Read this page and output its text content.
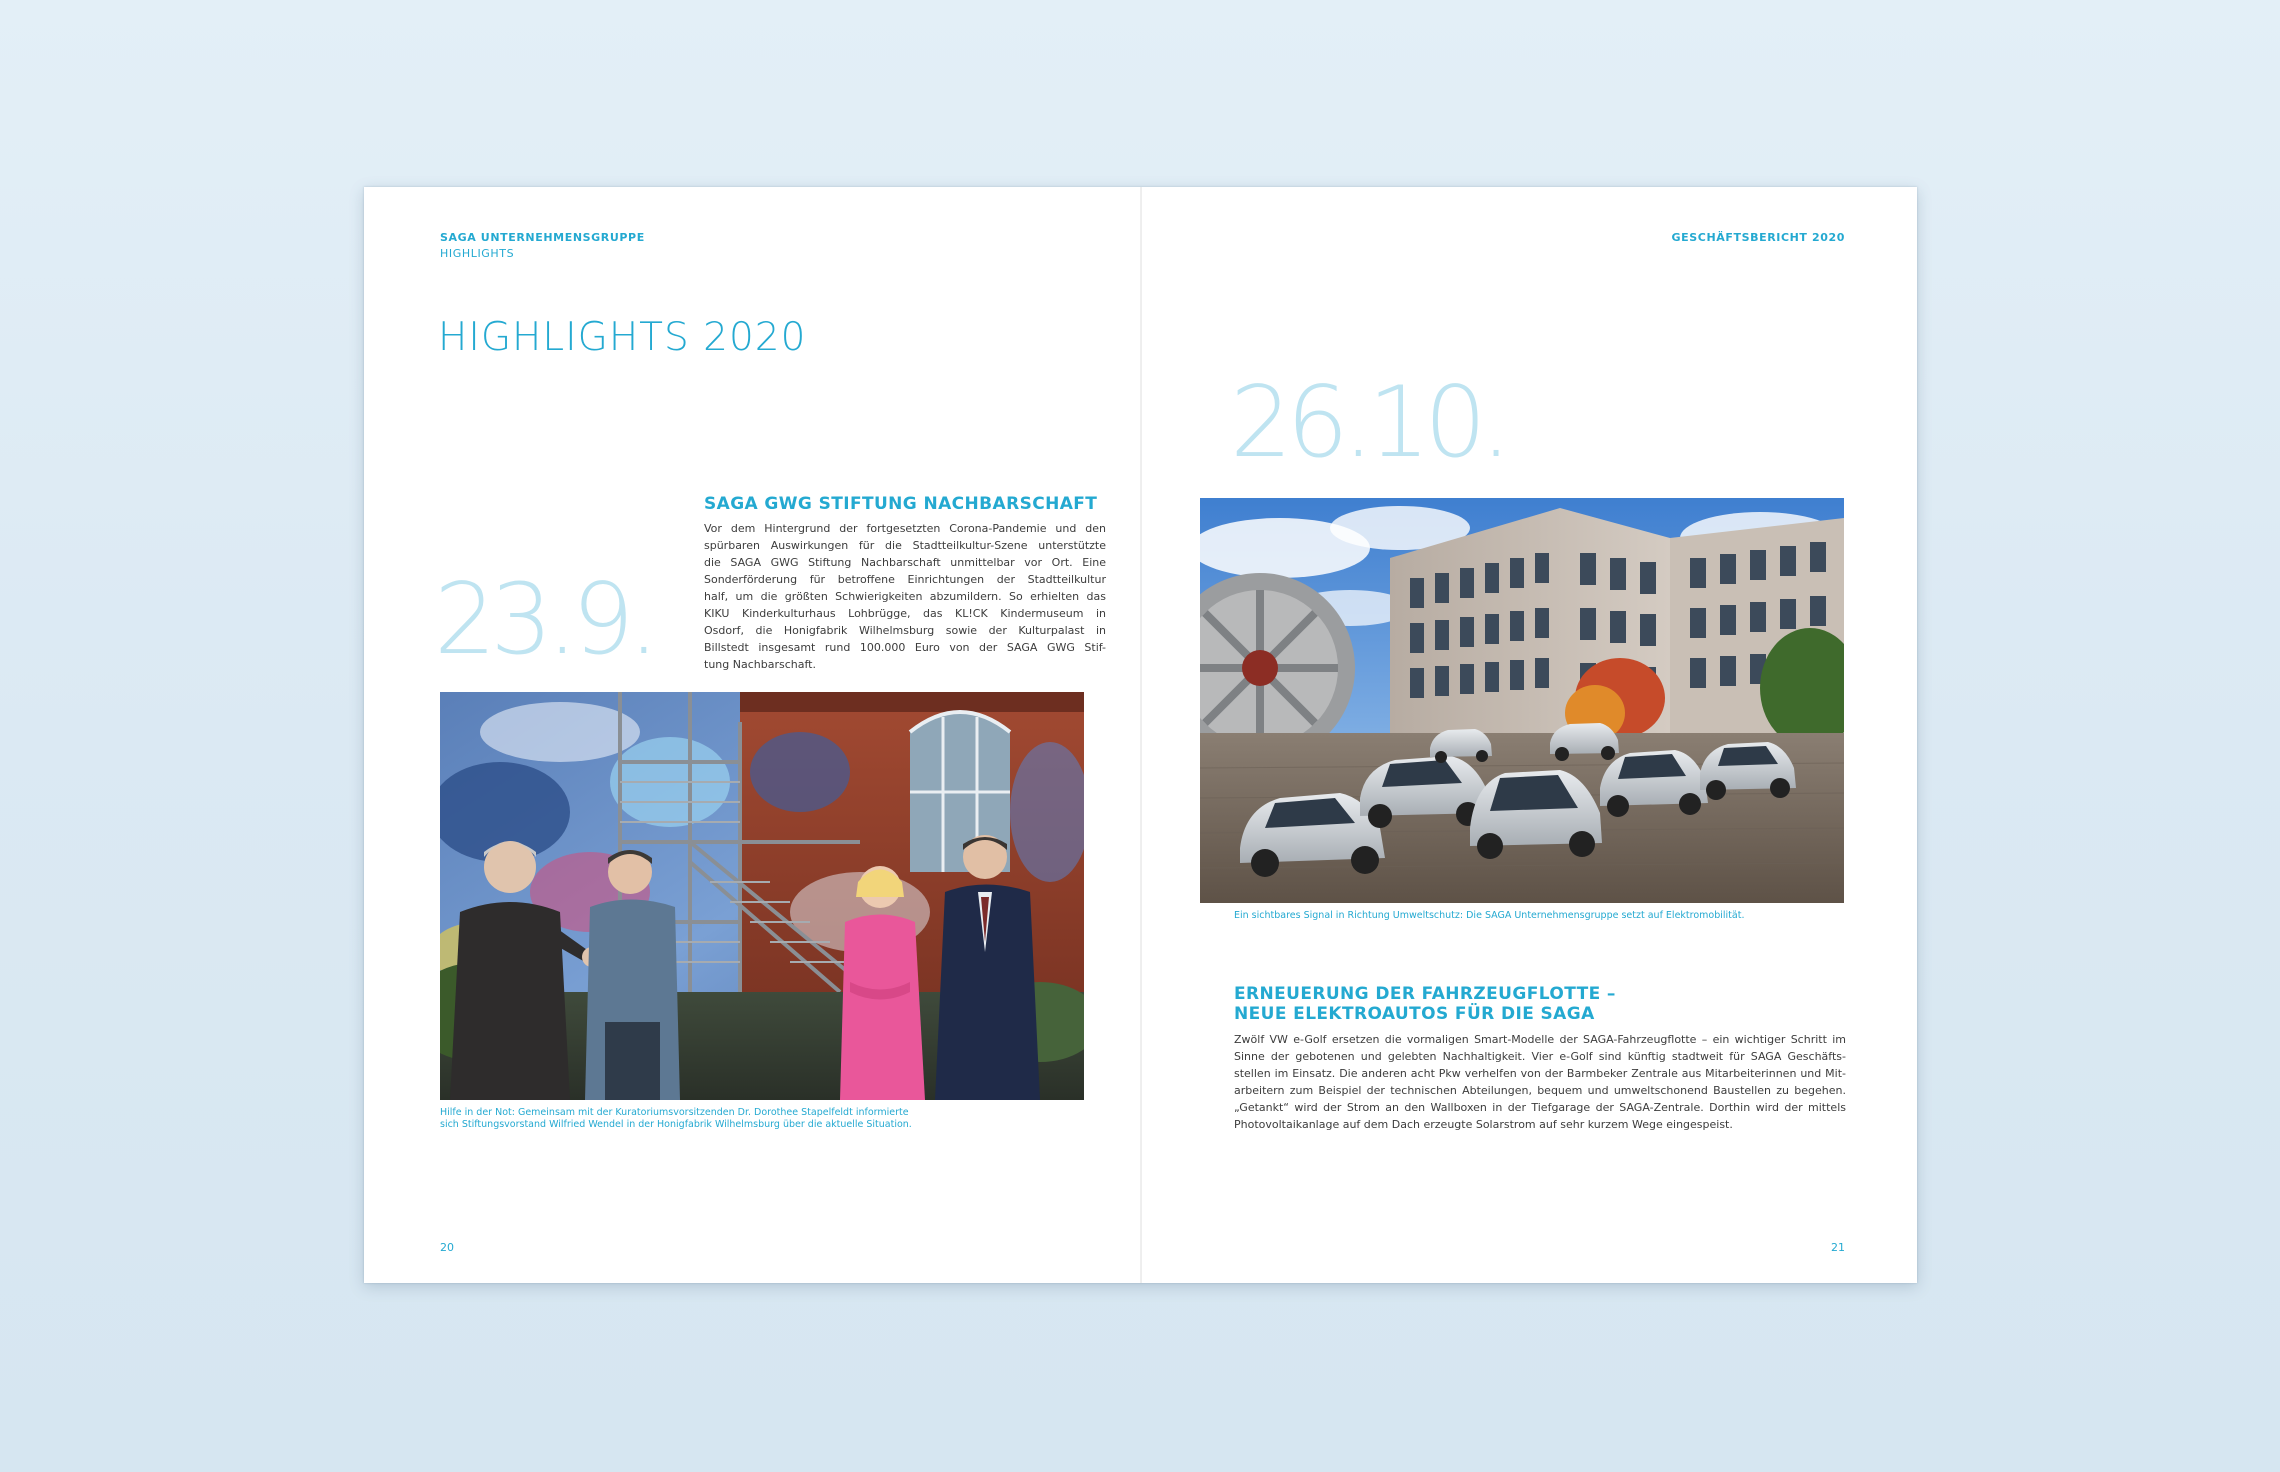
SAGA UNTERNEHMENSGRUPPE
HIGHLIGHTS
HIGHLIGHTS 2020
23.9.
SAGA GWG STIFTUNG NACHBARSCHAFT
Vor dem Hintergrund der fortgesetzten Corona-Pandemie und den
spürbaren Auswirkungen für die Stadtteilkultur-Szene unterstützte
die SAGA GWG Stiftung Nachbarschaft unmittelbar vor Ort. Eine
Sonderförderung für betroffene Einrichtungen der Stadtteilkultur
half, um die größten Schwierigkeiten abzumildern. So erhielten das
KIKU Kinderkulturhaus Lohbrügge, das KL!CK Kindermuseum in
Osdorf, die Honigfabrik Wilhelmsburg sowie der Kulturpalast in
Billstedt insgesamt rund 100.000 Euro von der SAGA GWG Stif-
tung Nachbarschaft.
Hilfe in der Not: Gemeinsam mit der Kuratoriumsvorsitzenden Dr. Dorothee Stapelfeldt informierte
sich Stiftungsvorstand Wilfried Wendel in der Honigfabrik Wilhelmsburg über die aktuelle Situation.
20
GESCHÄFTSBERICHT 2020
26.10.
Ein sichtbares Signal in Richtung Umweltschutz: Die SAGA Unternehmensgruppe setzt auf Elektromobilität.
ERNEUERUNG DER FAHRZEUGFLOTTE –
NEUE ELEKTROAUTOS FÜR DIE SAGA
Zwölf VW e-Golf ersetzen die vormaligen Smart-Modelle der SAGA-Fahrzeugflotte – ein wichtiger Schritt im
Sinne der gebotenen und gelebten Nachhaltigkeit. Vier e-Golf sind künftig stadtweit für SAGA Geschäfts-
stellen im Einsatz. Die anderen acht Pkw verhelfen von der Barmbeker Zentrale aus Mitarbeiterinnen und Mit-
arbeitern zum Beispiel der technischen Abteilungen, bequem und umweltschonend Baustellen zu begehen.
„Getankt“ wird der Strom an den Wallboxen in der Tiefgarage der SAGA-Zentrale. Dorthin wird der mittels
Photovoltaikanlage auf dem Dach erzeugte Solarstrom auf sehr kurzem Wege eingespeist.
21
